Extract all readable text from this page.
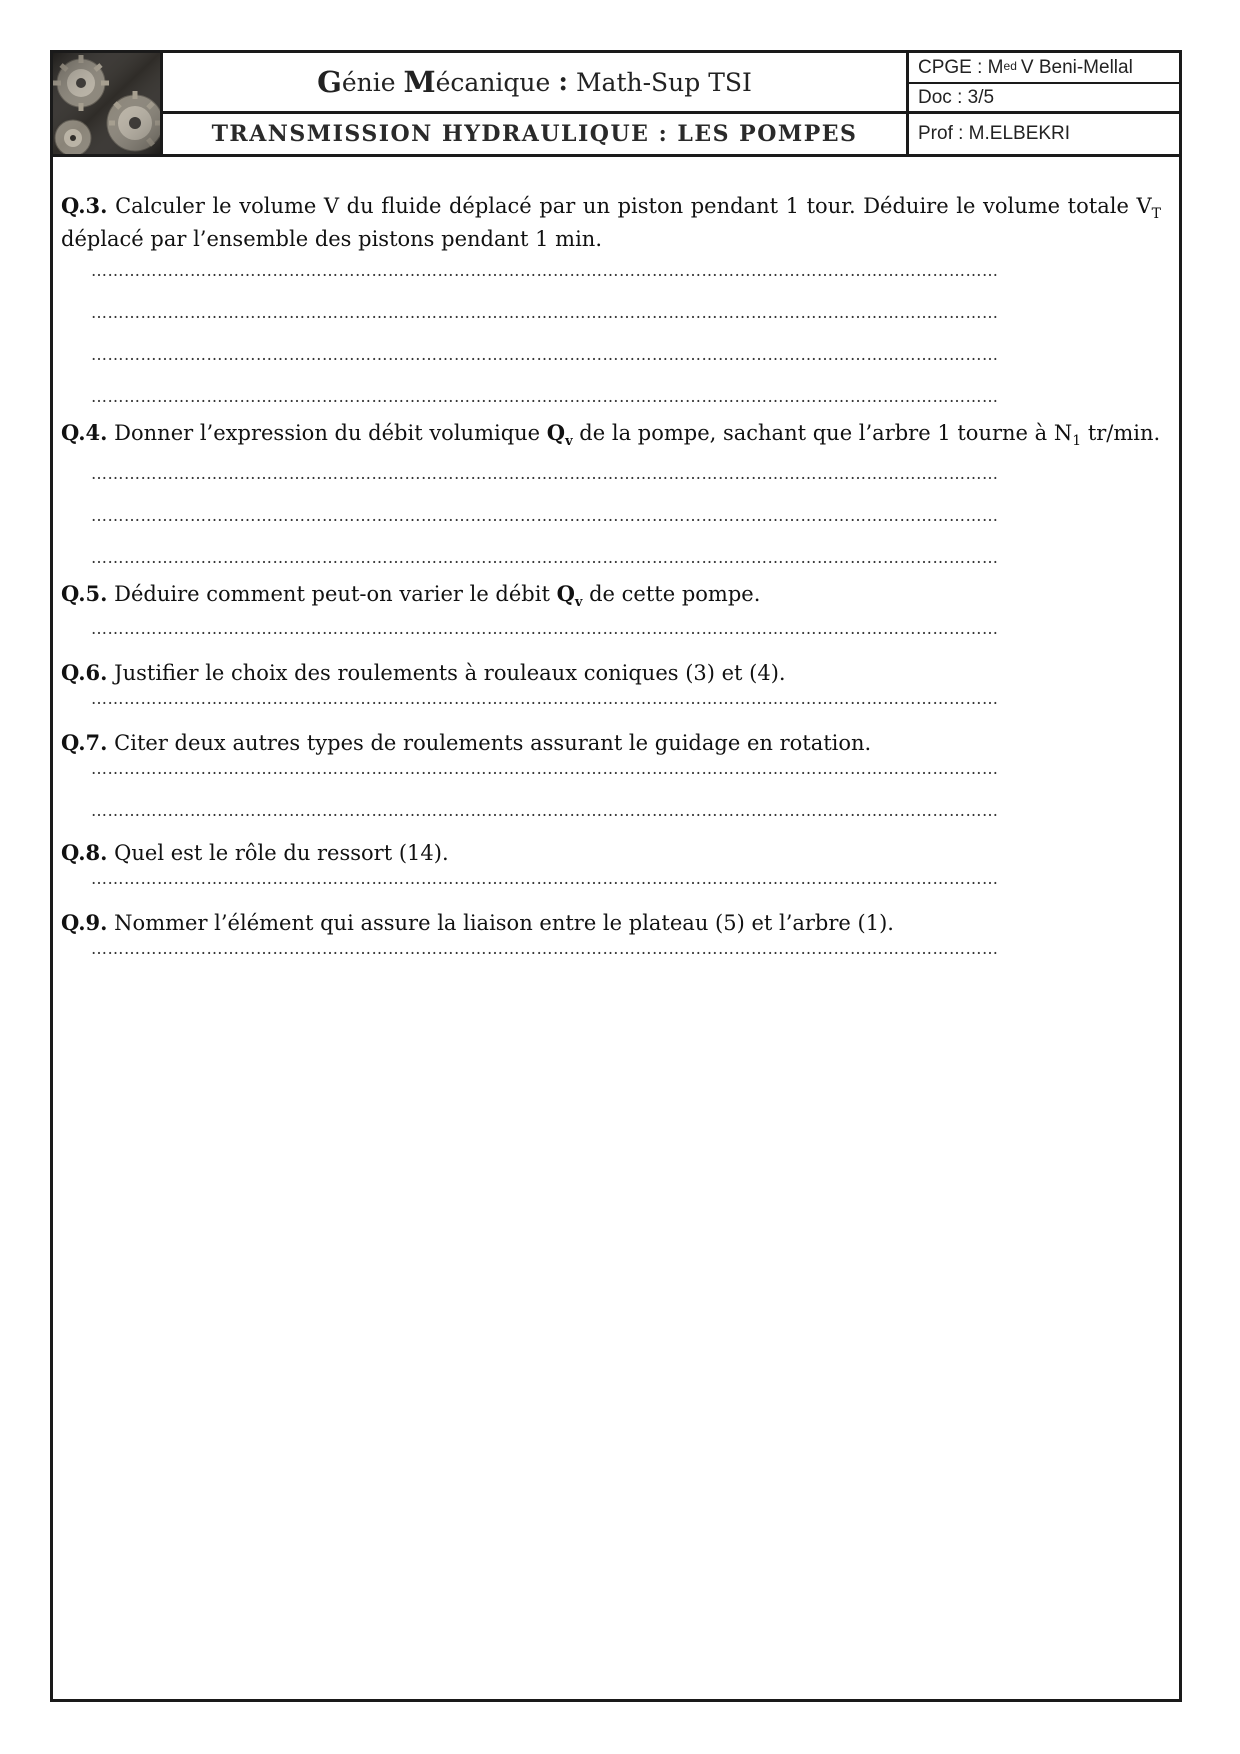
G énie
M écanique : Math-Sup TSI
TRANSMISSION HYDRAULIQUE : LES POMPES
CPGE : $M^{ed}$ V Beni-Mellal
Doc : 3/5
Prof : M.ELBEKRI

Q.3. Calculer le volume V du fluide déplacé par un piston pendant 1 tour. Déduire le volume totale $V_T$ déplacé par l’ensemble des pistons pendant 1 min.

…………………………………………………………………………………………………………………………………………………
…………………………………………………………………………………………………………………………………………………
…………………………………………………………………………………………………………………………………………………
…………………………………………………………………………………………………………………………………………………

Q.4. Donner l’expression du débit volumique $Q_v$ de la pompe, sachant que l’arbre 1 tourne à $N_1$ tr/min.

…………………………………………………………………………………………………………………………………………………
…………………………………………………………………………………………………………………………………………………
…………………………………………………………………………………………………………………………………………………

Q.5. Déduire comment peut-on varier le débit $Q_v$ de cette pompe.

…………………………………………………………………………………………………………………………………………………

Q.6. Justifier le choix des roulements à rouleaux coniques (3) et (4).

…………………………………………………………………………………………………………………………………………………

Q.7. Citer deux autres types de roulements assurant le guidage en rotation.

…………………………………………………………………………………………………………………………………………………
…………………………………………………………………………………………………………………………………………………

Q.8. Quel est le rôle du ressort (14).

…………………………………………………………………………………………………………………………………………………

Q.9. Nommer l’élément qui assure la liaison entre le plateau (5) et l’arbre (1).

…………………………………………………………………………………………………………………………………………………
